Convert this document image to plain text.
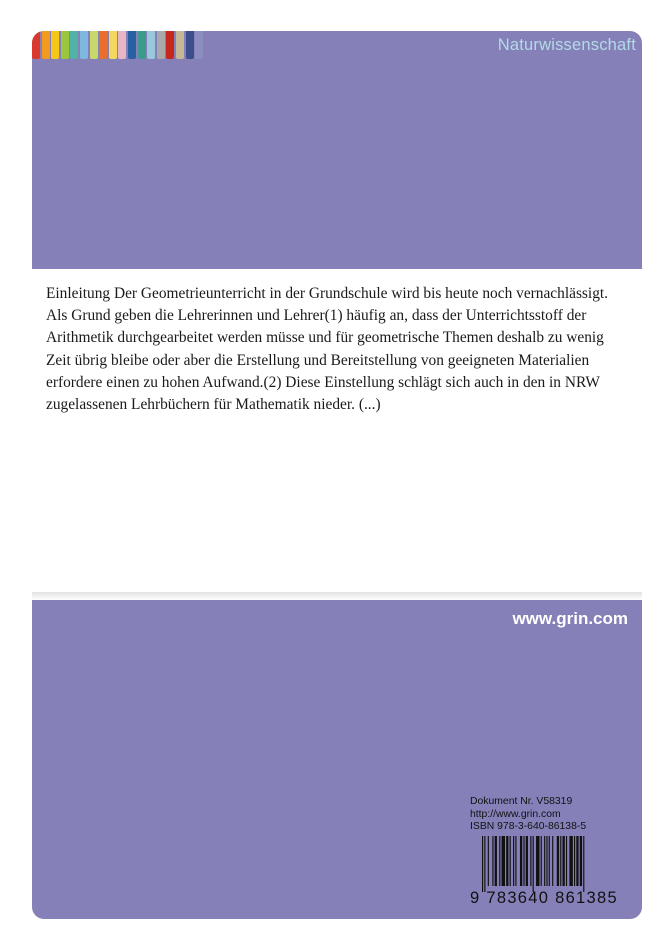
Naturwissenschaft

Einleitung Der Geometrieunterricht in der Grundschule wird bis heute noch vernachlässigt. Als Grund geben die Lehrerinnen und Lehrer(1) häufig an, dass der Unterrichtsstoff der Arithmetik durchgearbeitet werden müsse und für geometrische Themen deshalb zu wenig Zeit übrig bleibe oder aber die Erstellung und Bereitstellung von geeigneten Materialien erfordere einen zu hohen Aufwand.(2) Diese Einstellung schlägt sich auch in den in NRW zugelassenen Lehrbüchern für Mathematik nieder. (...)

www.grin.com
Dokument Nr. V58319
http://www.grin.com
ISBN 978-3-640-86138-5
9 783640 861385
